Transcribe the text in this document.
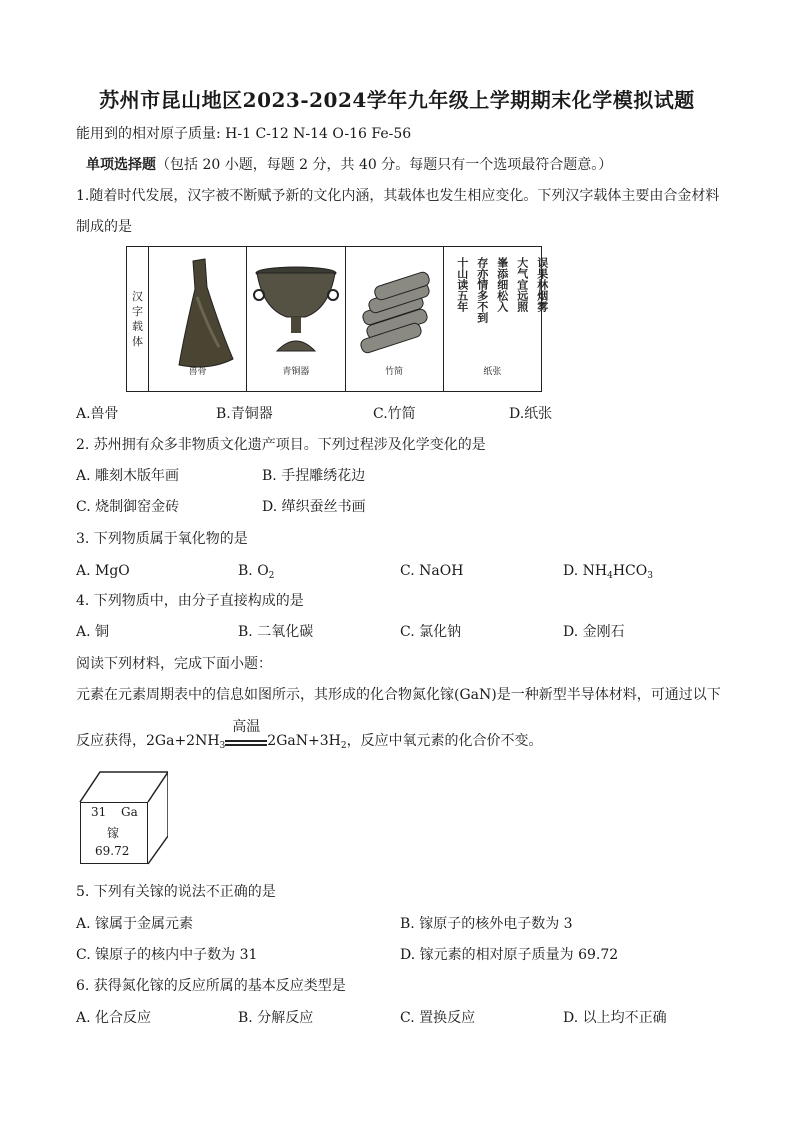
苏州市昆山地区2023-2024学年九年级上学期期末化学模拟试题
能用到的相对原子质量: H-1 C-12 N-14 O-16 Fe-56
单项选择题（包括 20 小题，每题 2 分，共 40 分。每题只有一个选项最符合题意。）
1.随着时代发展，汉字被不断赋予新的文化内涵，其载体也发生相应变化。下列汉字载体主要由合金材料
制成的是
汉
字
载
体
兽骨	青铜器	竹简
误果林烟雾
大气宜远照
峯添细松入
存亦情多不到
十山读五年
纸张
A.兽骨	B.青铜器	C.竹简	D.纸张
2. 苏州拥有众多非物质文化遗产项目。下列过程涉及化学变化的是
A. 雕刻木版年画	B. 手捏雕绣花边
C. 烧制御窑金砖	D. 缂织蚕丝书画
3. 下列物质属于氧化物的是
A. MgO	B. $O_2$	C. NaOH	D. $NH_4HCO_3$
4. 下列物质中，由分子直接构成的是
A. 铜	B. 二氧化碳	C. 氯化钠	D. 金刚石
阅读下列材料，完成下面小题：
元素在元素周期表中的信息如图所示，其形成的化合物氮化镓(GaN)是一种新型半导体材料，可通过以下
反应获得，$2Ga+2NH_3$
高温
$2GaN+3H_2$，反应中氧元素的化合价不变。
31 Ga
镓
69.72
5. 下列有关镓的说法不正确的是
A. 镓属于金属元素	B. 镓原子的核外电子数为 3
C. 镍原子的核内中子数为 31	D. 镓元素的相对原子质量为 69.72
6. 获得氮化镓的反应所属的基本反应类型是
A. 化合反应	B. 分解反应	C. 置换反应	D. 以上均不正确
